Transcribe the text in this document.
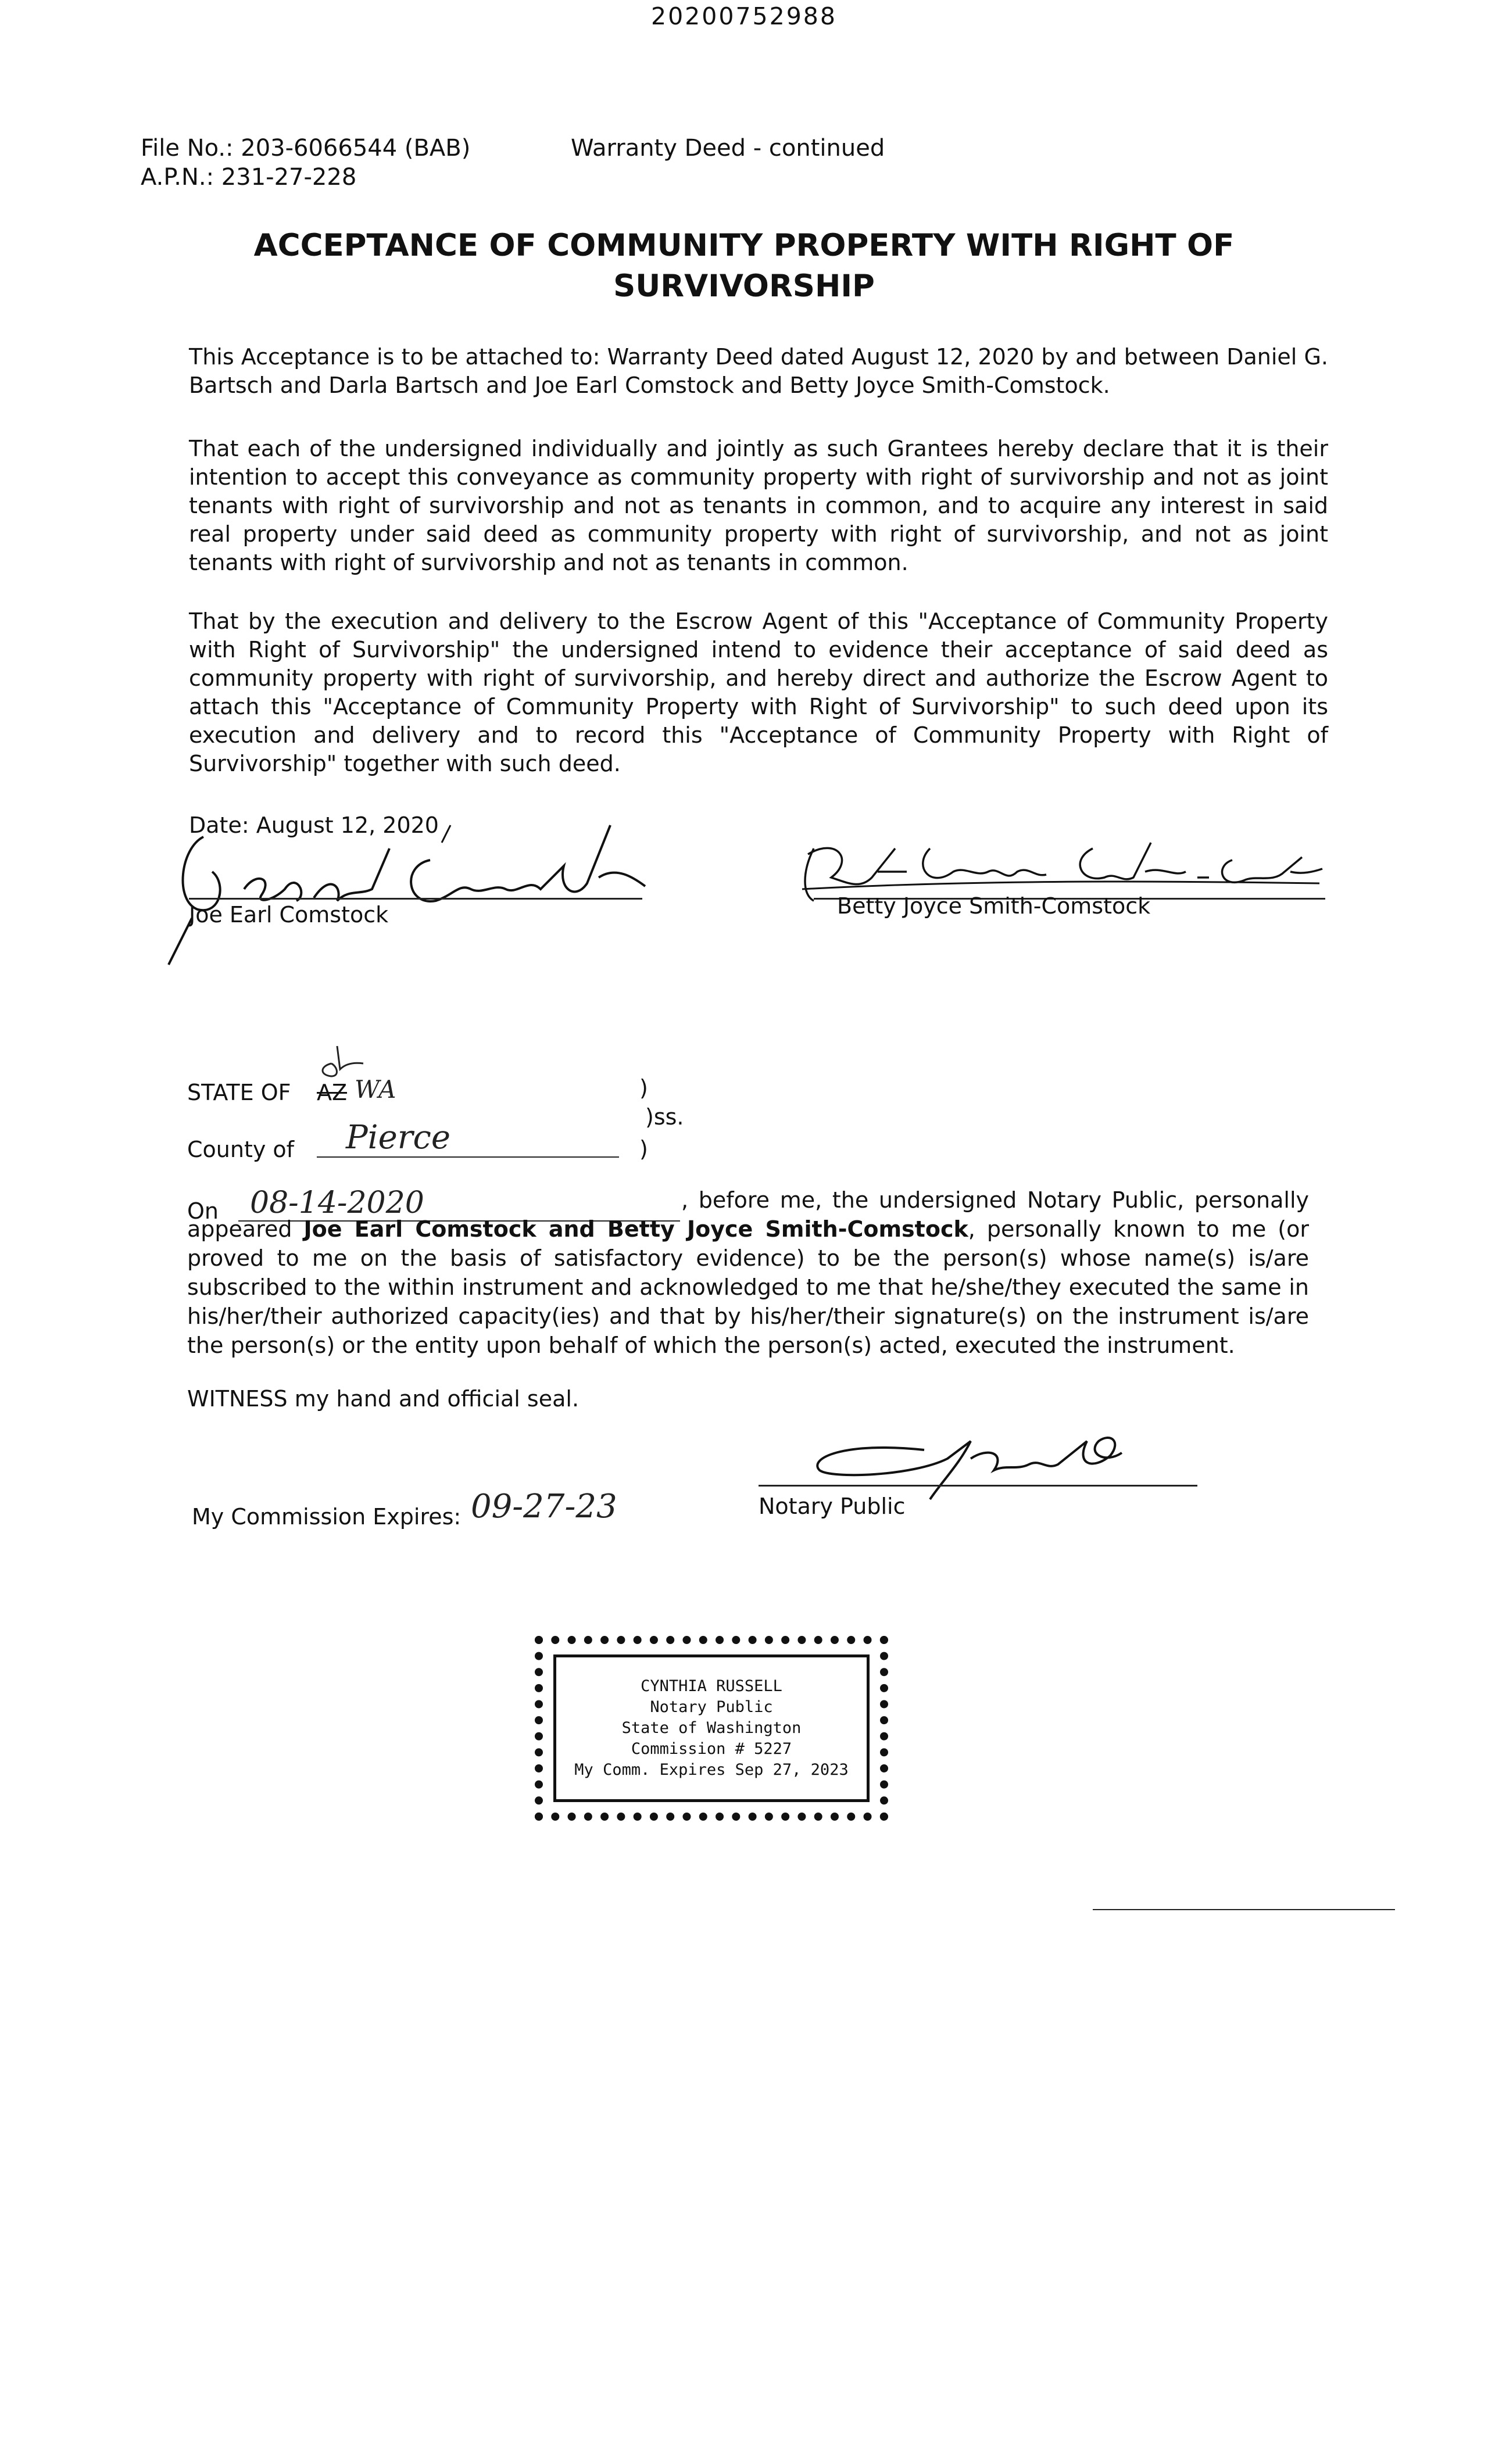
20200752988
File No.: 203-6066544 (BAB)
A.P.N.: 231-27-228
Warranty Deed - continued
ACCEPTANCE OF COMMUNITY PROPERTY WITH RIGHT OF SURVIVORSHIP
This Acceptance is to be attached to: Warranty Deed dated August 12, 2020 by and between Daniel G. Bartsch and Darla Bartsch and Joe Earl Comstock and Betty Joyce Smith-Comstock.
That each of the undersigned individually and jointly as such Grantees hereby declare that it is their intention to accept this conveyance as community property with right of survivorship and not as joint tenants with right of survivorship and not as tenants in common, and to acquire any interest in said real property under said deed as community property with right of survivorship, and not as joint tenants with right of survivorship and not as tenants in common.
That by the execution and delivery to the Escrow Agent of this "Acceptance of Community Property with Right of Survivorship" the undersigned intend to evidence their acceptance of said deed as community property with right of survivorship, and hereby direct and authorize the Escrow Agent to attach this "Acceptance of Community Property with Right of Survivorship" to such deed upon its execution and delivery and to record this "Acceptance of Community Property with Right of Survivorship" together with such deed.
Date: August 12, 2020
Joe Earl Comstock	Betty Joyce Smith-Comstock
STATE OF AZ WA	)
)ss.
)
County of Pierce
On 08-14-2020	, before me, the undersigned Notary Public, personally appeared Joe Earl Comstock and Betty Joyce Smith-Comstock, personally known to me (or proved to me on the basis of satisfactory evidence) to be the person(s) whose name(s) is/are subscribed to the within instrument and acknowledged to me that he/she/they executed the same in his/her/their authorized capacity(ies) and that by his/her/their signature(s) on the instrument is/are the person(s) or the entity upon behalf of which the person(s) acted, executed the instrument.
WITNESS my hand and official seal.
My Commission Expires: 09-27-23	Notary Public
CYNTHIA RUSSELL
Notary Public
State of Washington
Commission # 5227
My Comm. Expires Sep 27, 2023
